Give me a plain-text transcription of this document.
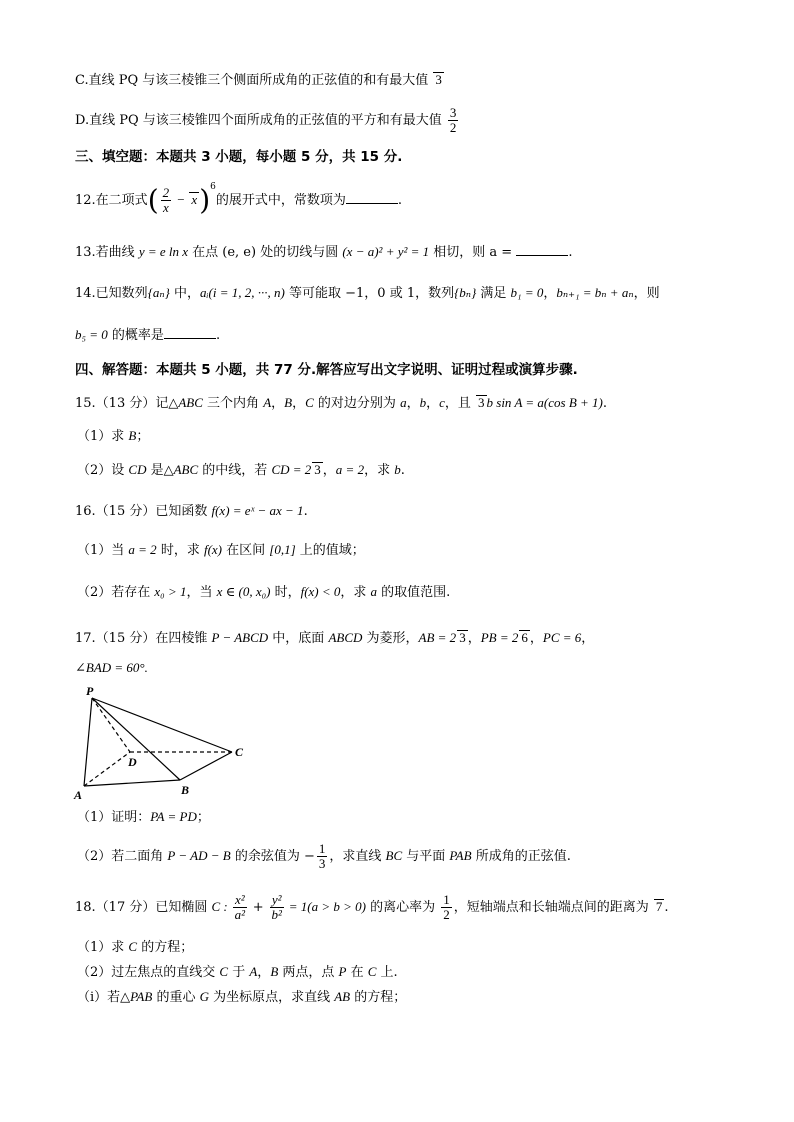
C.直线 PQ 与该三棱锥三个侧面所成角的正弦值的和有最大值 3
D.直线 PQ 与该三棱锥四个面所成角的正弦值的平方和有最大值 $\frac{3}{2}$
三、填空题：本题共 3 小题，每小题 5 分，共 15 分.
12.在二项式( $\frac{2}{x} - x)^6$的展开式中，常数项为	.
13.若曲线 y = e ln x 在点 (e, e) 处的切线与圆 (x − a)² + y² = 1 相切，则 a =	.
14.已知数列{aₙ} 中，aᵢ(i = 1, 2, ···, n) 等可能取 −1，0 或 1，数列{bₙ} 满足 b₁ = 0，bₙ₊₁ = bₙ + aₙ，则
b₅ = 0 的概率是	.
四、解答题：本题共 5 小题，共 77 分.解答应写出文字说明、证明过程或演算步骤.
15.（13 分）记△ABC 三个内角 A，B，C 的对边分别为 a，b，c，且 3 b sin A = a(cos B + 1).
（1）求 B；
（2）设 CD 是△ABC 的中线，若 CD = 2 3 ，a = 2，求 b.
16.（15 分）已知函数 f(x) = eˣ − ax − 1.
（1）当 a = 2 时，求 f(x) 在区间 [0,1] 上的值域；
（2）若存在 x₀ > 1，当 x ∈ (0, x₀) 时，f(x) < 0，求 a 的取值范围.
17.（15 分）在四棱锥 P − ABCD 中，底面 ABCD 为菱形，AB = 2 3 ，PB = 2 6 ，PC = 6，
∠BAD = 60°.
P
D
C
A	B
（1）证明：PA = PD；
（2）若二面角 P − AD − B 的余弦值为 − $\frac{1}{3}$ ，求直线 BC 与平面 PAB 所成角的正弦值.
18.（17 分）已知椭圆 C : $\frac{\text{x²}}{\text{a²}} + \frac{\text{y²}}{\text{b²}} = 1(a > b > 0)$ 的离心率为 $\frac{1}{2}$ ，短轴端点和长轴端点间的距离为 7 .
（1）求 C 的方程；
（2）过左焦点的直线交 C 于 A，B 两点，点 P 在 C 上.
（i）若△PAB 的重心 G 为坐标原点，求直线 AB 的方程；
